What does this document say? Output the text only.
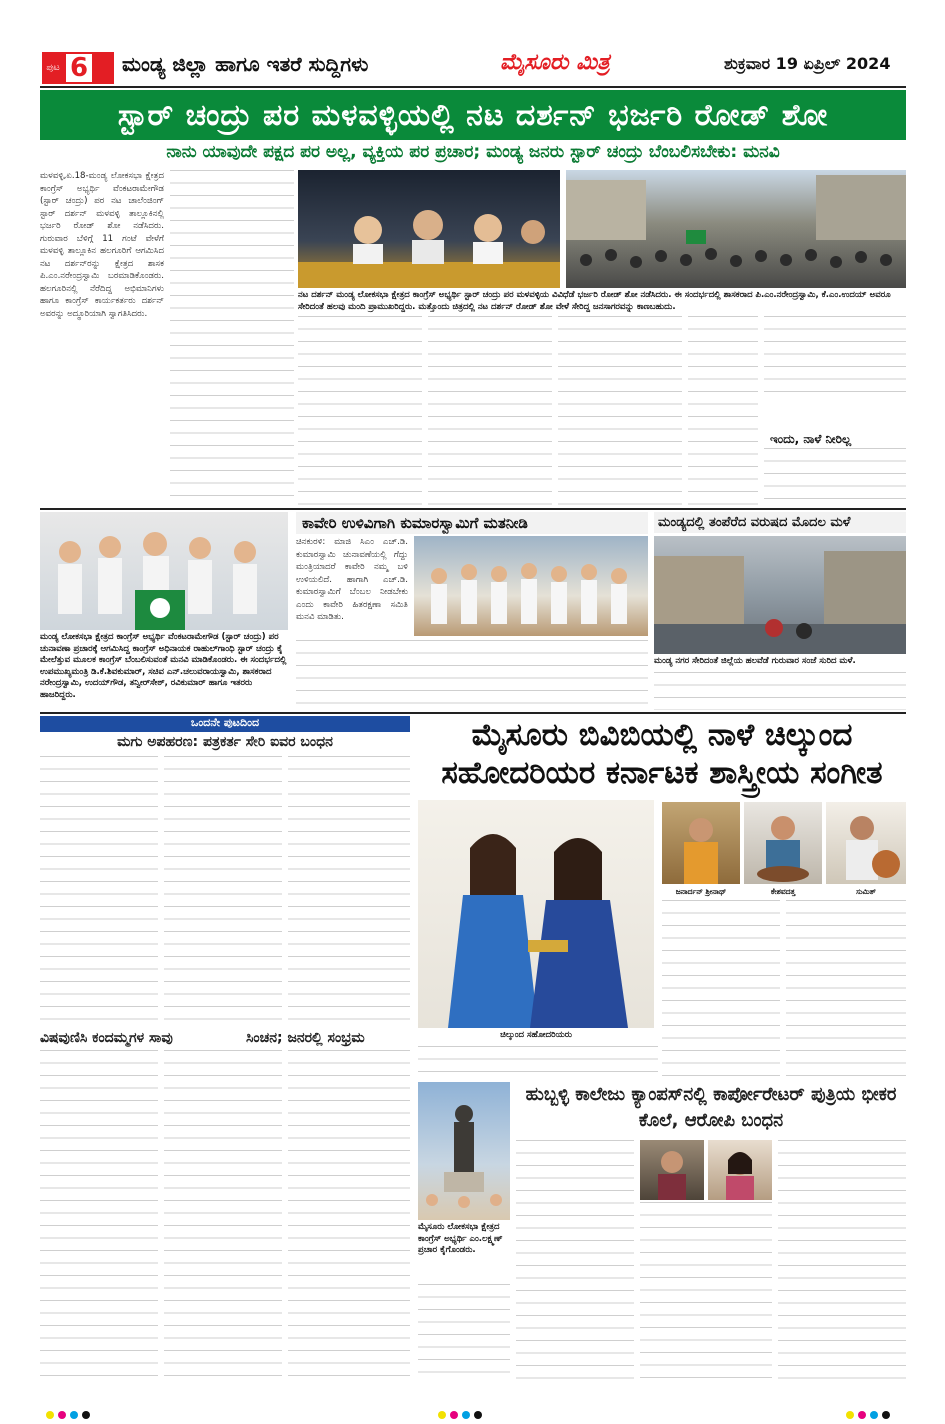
ಪುಟ 6 ಮಂಡ್ಯ ಜಿಲ್ಲಾ ಹಾಗೂ ಇತರೆ ಸುದ್ದಿಗಳು	ಮೈಸೂರು ಮಿತ್ರ	ಶುಕ್ರವಾರ 19 ಏಪ್ರಿಲ್ 2024
ಸ್ಟಾರ್ ಚಂದ್ರು ಪರ ಮಳವಳ್ಳಿಯಲ್ಲಿ ನಟ ದರ್ಶನ್ ಭರ್ಜರಿ ರೋಡ್ ಶೋ
ನಾನು ಯಾವುದೇ ಪಕ್ಷದ ಪರ ಅಲ್ಲ, ವ್ಯಕ್ತಿಯ ಪರ ಪ್ರಚಾರ; ಮಂಡ್ಯ ಜನರು ಸ್ಟಾರ್ ಚಂದ್ರು ಬೆಂಬಲಿಸಬೇಕು: ಮನವಿ
ಮಳವಳ್ಳಿ,ಏ.18-ಮಂಡ್ಯ ಲೋಕಸಭಾ ಕ್ಷೇತ್ರದ ಕಾಂಗ್ರೆಸ್ ಅಭ್ಯರ್ಥಿ ವೆಂಕಟರಾಮೇಗೌಡ (ಸ್ಟಾರ್ ಚಂದ್ರು) ಪರ ನಟ ಚಾಲೆಂಜಿಂಗ್ ಸ್ಟಾರ್ ದರ್ಶನ್ ಮಳವಳ್ಳಿ ತಾಲ್ಲೂಕಿನಲ್ಲಿ ಭರ್ಜರಿ ರೋಡ್ ಶೋ ನಡೆಸಿದರು. ಗುರುವಾರ ಬೆಳಿಗ್ಗೆ 11 ಗಂಟೆ ವೇಳೆಗೆ ಮಳವಳ್ಳಿ ತಾಲ್ಲೂಕಿನ ಹಲಗೂರಿಗೆ ಆಗಮಿಸಿದ ನಟ ದರ್ಶನ್‌ರನ್ನು ಕ್ಷೇತ್ರದ ಶಾಸಕ ಪಿ.ಎಂ.ನರೇಂದ್ರಸ್ವಾಮಿ ಬರಮಾಡಿಕೊಂಡರು. ಹಲಗೂರಿನಲ್ಲಿ ನೆರೆದಿದ್ದ ಅಭಿಮಾನಿಗಳು ಹಾಗೂ ಕಾಂಗ್ರೆಸ್ ಕಾರ್ಯಕರ್ತರು ದರ್ಶನ್ ಅವರನ್ನು ಅದ್ಧೂರಿಯಾಗಿ ಸ್ವಾಗತಿಸಿದರು.
ನಟ ದರ್ಶನ್ ಮಂಡ್ಯ ಲೋಕಸಭಾ ಕ್ಷೇತ್ರದ ಕಾಂಗ್ರೆಸ್ ಅಭ್ಯರ್ಥಿ ಸ್ಟಾರ್ ಚಂದ್ರು ಪರ ಮಳವಳ್ಳಿಯ ವಿವಿಧೆಡೆ ಭರ್ಜರಿ ರೋಡ್ ಶೋ ನಡೆಸಿದರು. ಈ ಸಂದರ್ಭದಲ್ಲಿ ಶಾಸಕರಾದ ಪಿ.ಎಂ.ನರೇಂದ್ರಸ್ವಾಮಿ, ಕೆ.ಎಂ.ಉದಯ್ ಅವರೂ ಸೇರಿದಂತೆ ಹಲವು ಮಂದಿ ಪ್ರಾಮುಖರಿದ್ದರು. ಮತ್ತೊಂದು ಚಿತ್ರದಲ್ಲಿ ನಟ ದರ್ಶನ್ ರೋಡ್ ಶೋ ವೇಳೆ ಸೇರಿದ್ದ ಜನಸಾಗರವನ್ನು ಕಾಣಬಹುದು.
ಇಂದು, ನಾಳೆ ನೀರಿಲ್ಲ
ಮಂಡ್ಯ ಲೋಕಸಭಾ ಕ್ಷೇತ್ರದ ಕಾಂಗ್ರೆಸ್ ಅಭ್ಯರ್ಥಿ ವೆಂಕಟರಾಮೇಗೌಡ (ಸ್ಟಾರ್ ಚಂದ್ರು) ಪರ ಚುನಾವಣಾ ಪ್ರಚಾರಕ್ಕೆ ಆಗಮಿಸಿದ್ದ ಕಾಂಗ್ರೆಸ್ ಅಧಿನಾಯಕ ರಾಹುಲ್‌ಗಾಂಧಿ ಸ್ಟಾರ್ ಚಂದ್ರು ಕೈ ಮೇಲೆತ್ತುವ ಮೂಲಕ ಕಾಂಗ್ರೆಸ್ ಬೆಂಬಲಿಸುವಂತೆ ಮನವಿ ಮಾಡಿಕೊಂಡರು. ಈ ಸಂದರ್ಭದಲ್ಲಿ ಉಪಮುಖ್ಯಮಂತ್ರಿ ಡಿ.ಕೆ.ಶಿವಕುಮಾರ್, ಸಚಿವ ಎನ್.ಚಲುವರಾಯಸ್ವಾಮಿ, ಶಾಸಕರಾದ ನರೇಂದ್ರಸ್ವಾಮಿ, ಉದಯ್‌ಗೌಡ, ತನ್ವೀರ್‌ಸೇಠ್, ರವಿಕುಮಾರ್ ಹಾಗೂ ಇತರರು ಹಾಜರಿದ್ದರು.
ಕಾವೇರಿ ಉಳಿವಿಗಾಗಿ ಕುಮಾರಸ್ವಾಮಿಗೆ ಮತನೀಡಿ
ಚಿನಕುರಳಿ: ಮಾಜಿ ಸಿಎಂ ಎಚ್.ಡಿ. ಕುಮಾರಸ್ವಾಮಿ ಚುನಾವಣೆಯಲ್ಲಿ ಗೆದ್ದು ಮಂತ್ರಿಯಾದರೆ ಕಾವೇರಿ ನಮ್ಮ ಬಳಿ ಉಳಿಯಲಿದೆ. ಹಾಗಾಗಿ ಎಚ್.ಡಿ. ಕುಮಾರಸ್ವಾಮಿಗೆ ಬೆಂಬಲ ನೀಡಬೇಕು ಎಂದು ಕಾವೇರಿ ಹಿತರಕ್ಷಣಾ ಸಮಿತಿ ಮನವಿ ಮಾಡಿತು.
ಮಂಡ್ಯದಲ್ಲಿ ತಂಪೆರೆದ ವರುಷದ ಮೊದಲ ಮಳೆ
ಮಂಡ್ಯ ನಗರ ಸೇರಿದಂತೆ ಜಿಲ್ಲೆಯ ಹಲವೆಡೆ ಗುರುವಾರ ಸಂಜೆ ಸುರಿದ ಮಳೆ.
ಒಂದನೇ ಪುಟದಿಂದ
ಮಗು ಅಪಹರಣ: ಪತ್ರಕರ್ತ ಸೇರಿ ಐವರ ಬಂಧನ
ವಿಷವುಣಿಸಿ ಕಂದಮ್ಮಗಳ ಸಾವು	ಸಿಂಚನ; ಜನರಲ್ಲಿ ಸಂಭ್ರಮ
ಮೈಸೂರು ಬಿವಿಬಿಯಲ್ಲಿ ನಾಳೆ ಚಿಲ್ಕುಂದ ಸಹೋದರಿಯರ ಕರ್ನಾಟಕ ಶಾಸ್ತ್ರೀಯ ಸಂಗೀತ
ಚಿಲ್ಕುಂದ ಸಹೋದರಿಯರು
ಜನಾರ್ದನ್ ಶ್ರೀನಾಥ್	ಕೇಶವದತ್ತ	ಸುಮಿತ್
ಮೈಸೂರು ಲೋಕಸಭಾ ಕ್ಷೇತ್ರದ ಕಾಂಗ್ರೆಸ್ ಅಭ್ಯರ್ಥಿ ಎಂ.ಲಕ್ಷ್ಮಣ್ ಪ್ರಚಾರ ಕೈಗೊಂಡರು.
ಹುಬ್ಬಳ್ಳಿ ಕಾಲೇಜು ಕ್ಯಾಂಪಸ್‌ನಲ್ಲಿ ಕಾರ್ಪೋರೇಟರ್ ಪುತ್ರಿಯ ಭೀಕರ ಕೊಲೆ, ಆರೋಪಿ ಬಂಧನ
